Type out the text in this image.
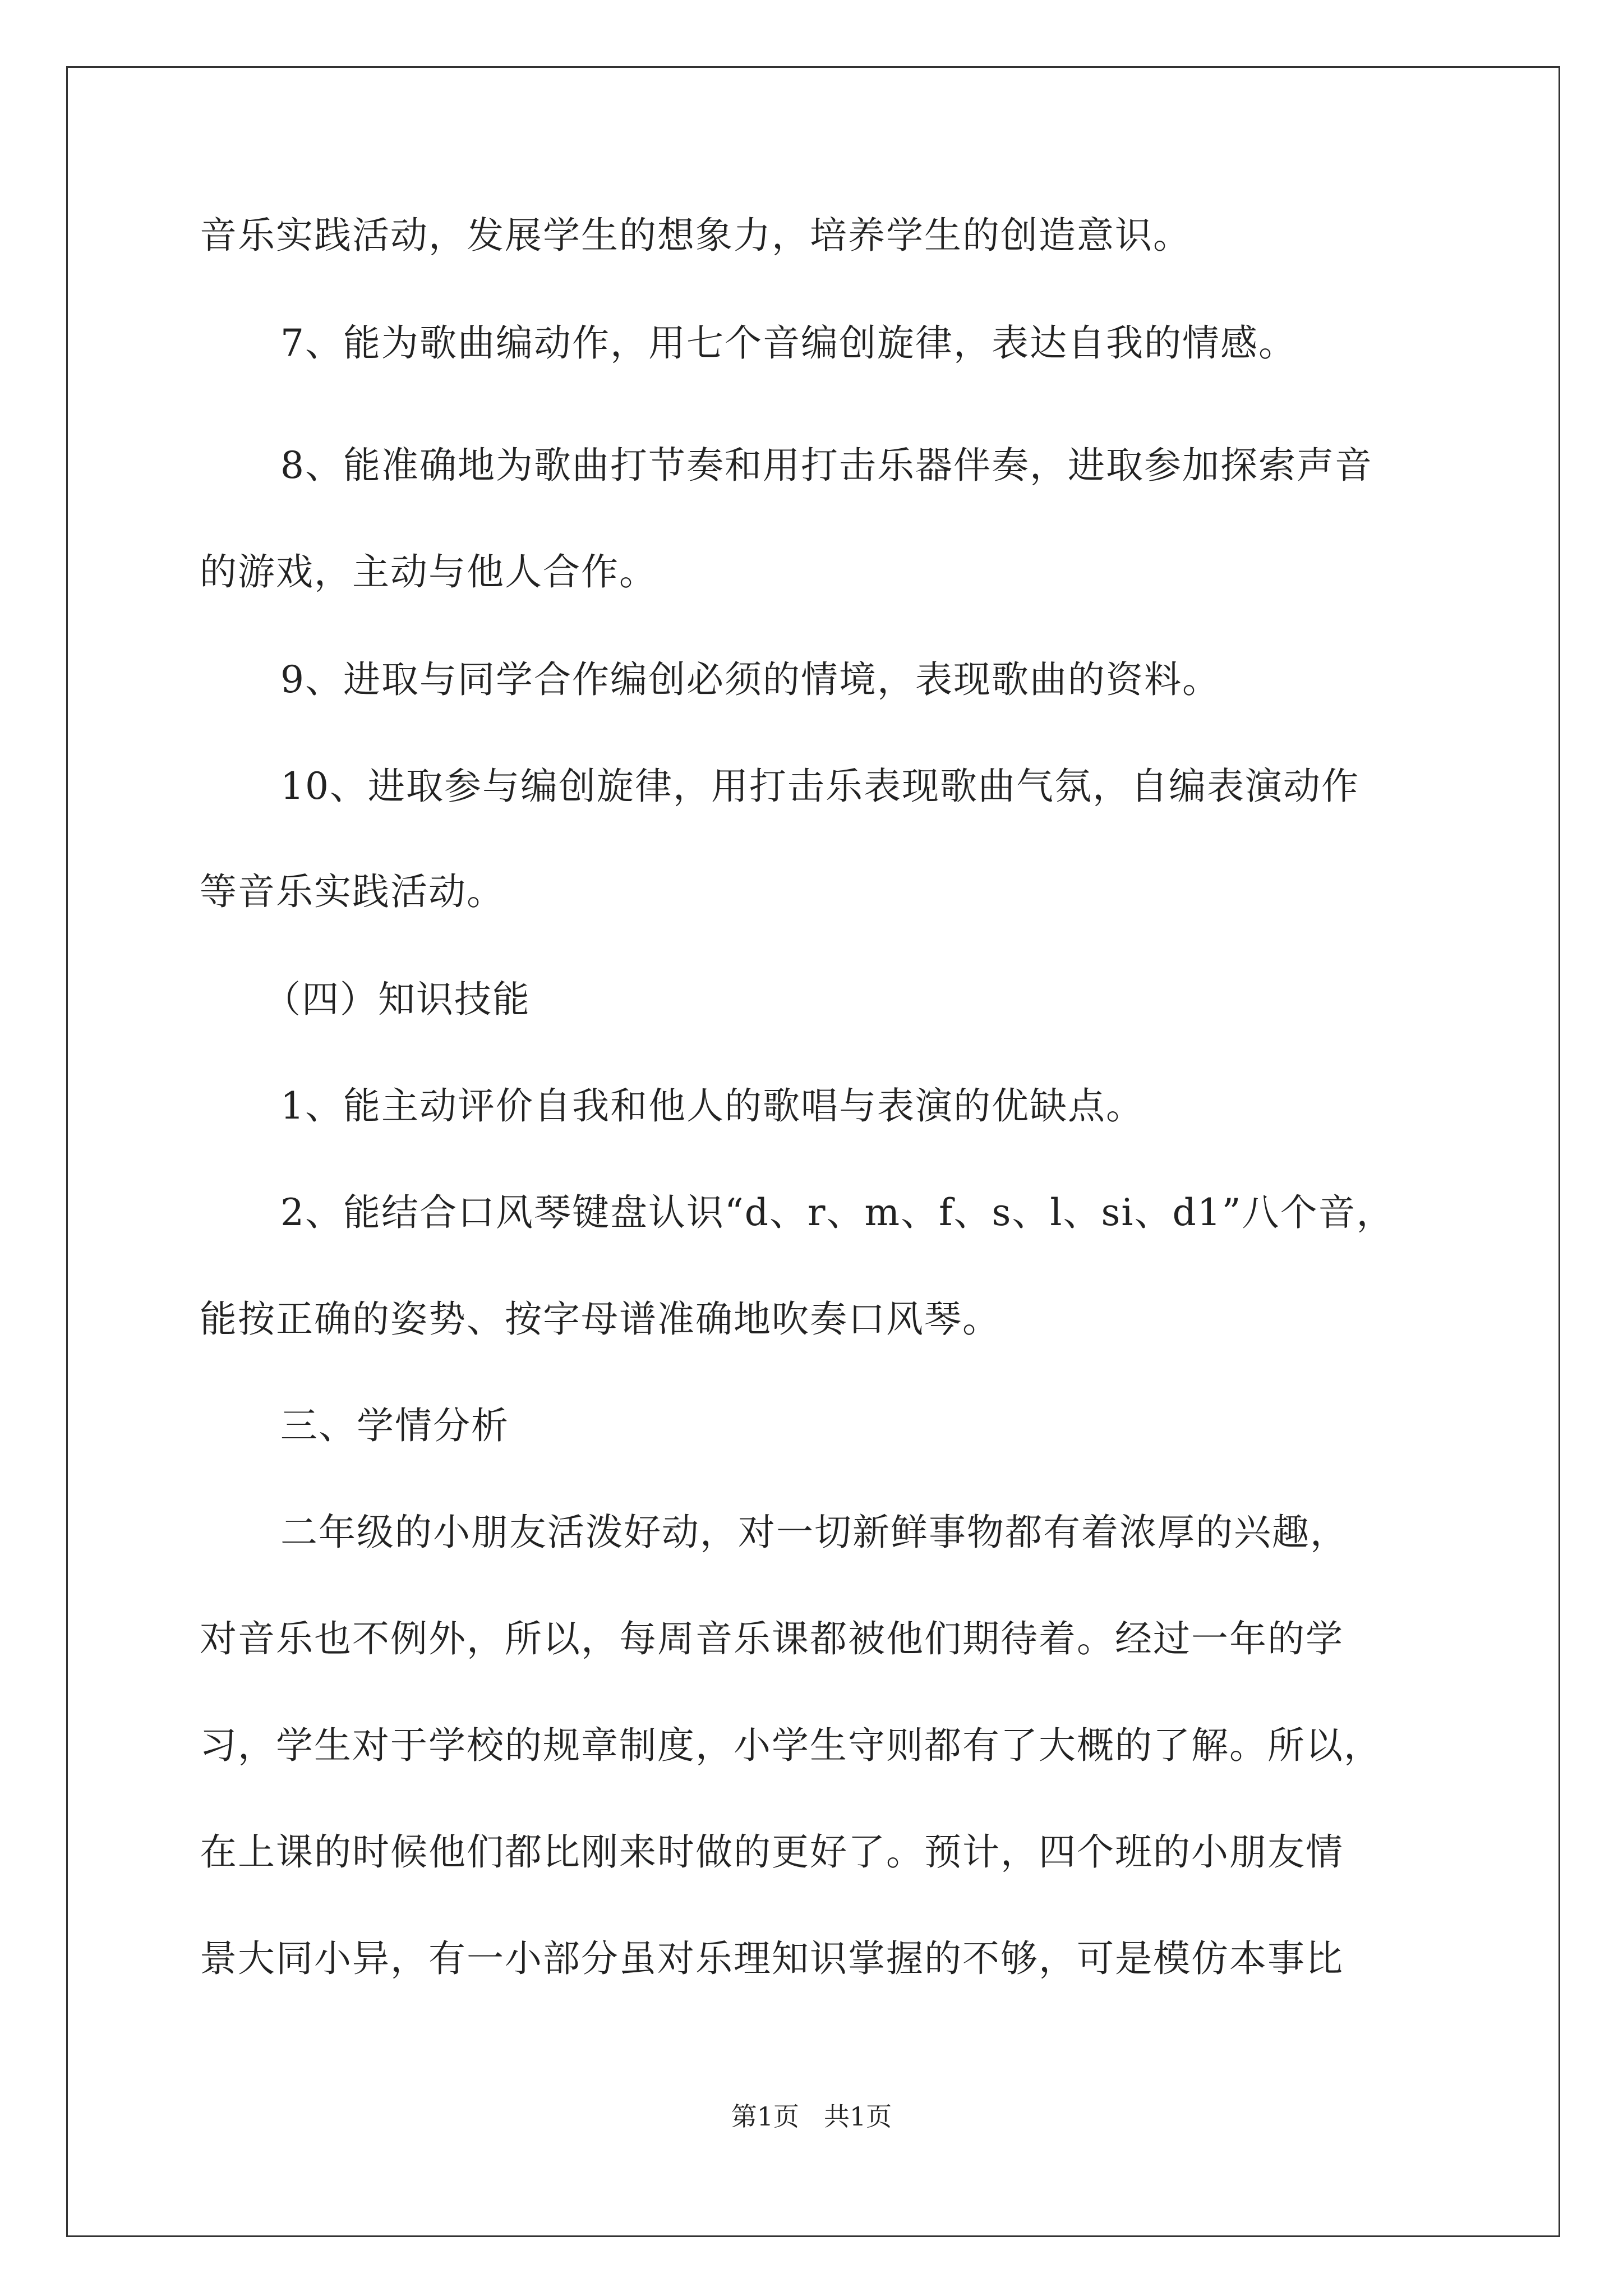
音乐实践活动，发展学生的想象力，培养学生的创造意识。
7、能为歌曲编动作，用七个音编创旋律，表达自我的情感。
8、能准确地为歌曲打节奏和用打击乐器伴奏，进取参加探索声音
的游戏，主动与他人合作。
9、进取与同学合作编创必须的情境，表现歌曲的资料。
10、进取参与编创旋律，用打击乐表现歌曲气氛，自编表演动作
等音乐实践活动。
（四）知识技能
1、能主动评价自我和他人的歌唱与表演的优缺点。
2、能结合口风琴键盘认识“d、r、m、f、s、l、si、d1”八个音，
能按正确的姿势、按字母谱准确地吹奏口风琴。
三、学情分析
二年级的小朋友活泼好动，对一切新鲜事物都有着浓厚的兴趣，
对音乐也不例外，所以，每周音乐课都被他们期待着。经过一年的学
习，学生对于学校的规章制度，小学生守则都有了大概的了解。所以，
在上课的时候他们都比刚来时做的更好了。预计，四个班的小朋友情
景大同小异，有一小部分虽对乐理知识掌握的不够，可是模仿本事比
第1页 共1页
